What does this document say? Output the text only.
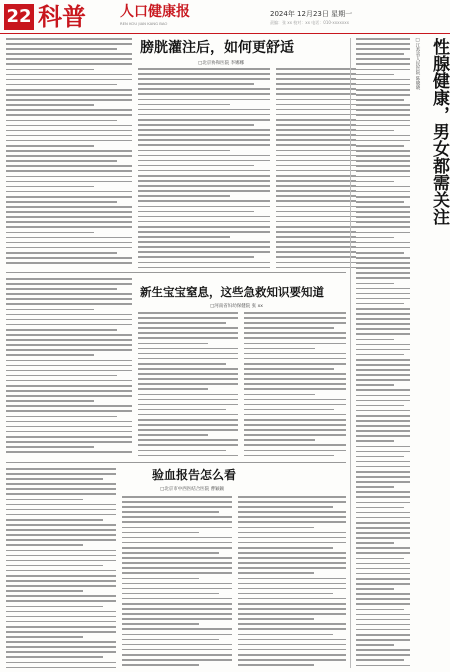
22 科普 人口健康报
REN KOU JIAN KANG BAO
2024年 12月23日 星期一
责编：张 xx 校对：xx 电话：010-xxxxxxx
膀胱灌注后，如何更舒适
□北京协和医院 李娜娜	性腺健康，男女都需关注
□江苏省人民医院 陈晓晓
新生宝宝窒息，这些急救知识要知道
□河南省妇幼保健院 张 xx
验血报告怎么看
□北京市中西医结合医院 曹颖颖
